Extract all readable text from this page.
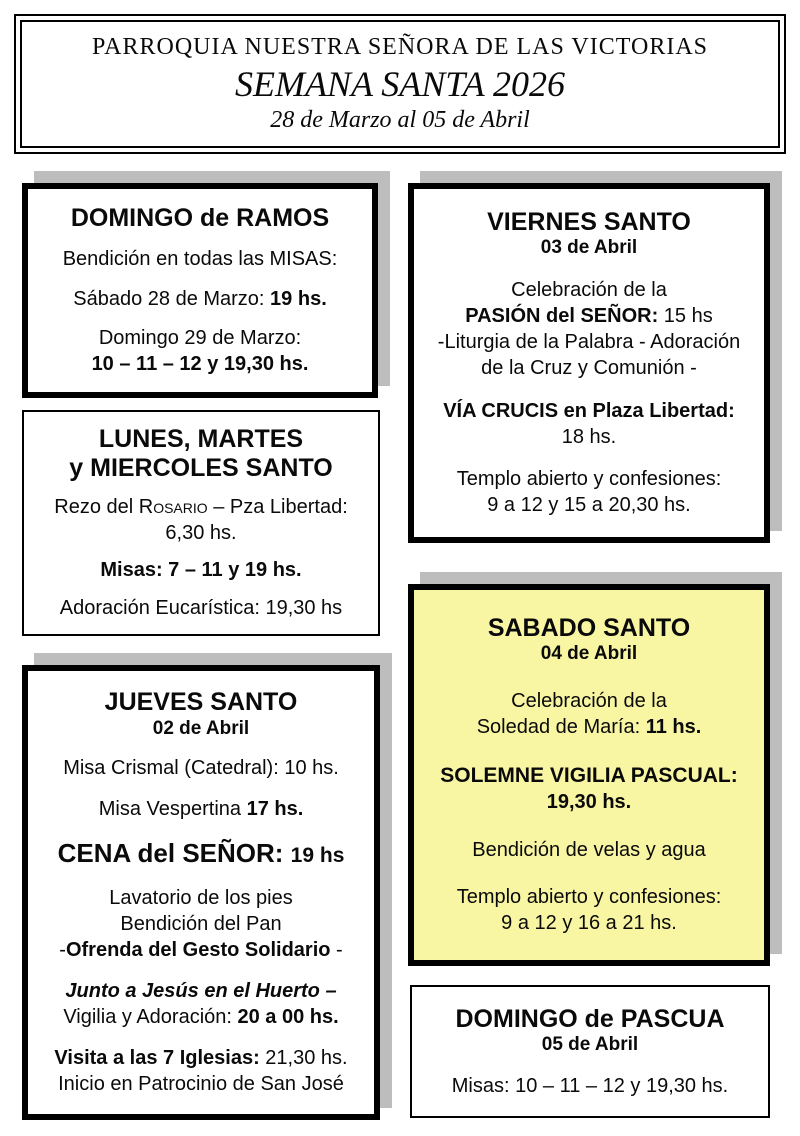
PARROQUIA NUESTRA SEÑORA DE LAS VICTORIAS
SEMANA SANTA 2026
28 de Marzo al 05 de Abril
DOMINGO de RAMOS
Bendición en todas las MISAS:
Sábado 28 de Marzo: 19 hs.
Domingo 29 de Marzo:
10 – 11 – 12 y 19,30 hs.
LUNES, MARTES
y MIERCOLES SANTO
Rezo del Rosario – Pza Libertad:
6,30 hs.
Misas: 7 – 11 y 19 hs.
Adoración Eucarística: 19,30 hs
JUEVES SANTO
02 de Abril
Misa Crismal (Catedral): 10 hs.
Misa Vespertina 17 hs.
CENA del SEÑOR: 19 hs
Lavatorio de los pies
Bendición del Pan
-Ofrenda del Gesto Solidario -
Junto a Jesús en el Huerto –
Vigilia y Adoración: 20 a 00 hs.
Visita a las 7 Iglesias: 21,30 hs.
Inicio en Patrocinio de San José
VIERNES SANTO
03 de Abril
Celebración de la
PASIÓN del SEÑOR: 15 hs
-Liturgia de la Palabra - Adoración
de la Cruz y Comunión -
VÍA CRUCIS en Plaza Libertad:
18 hs.
Templo abierto y confesiones:
9 a 12 y 15 a 20,30 hs.
SABADO SANTO
04 de Abril
Celebración de la
Soledad de María: 11 hs.
SOLEMNE VIGILIA PASCUAL:
19,30 hs.
Bendición de velas y agua
Templo abierto y confesiones:
9 a 12 y 16 a 21 hs.
DOMINGO de PASCUA
05 de Abril
Misas: 10 – 11 – 12 y 19,30 hs.
